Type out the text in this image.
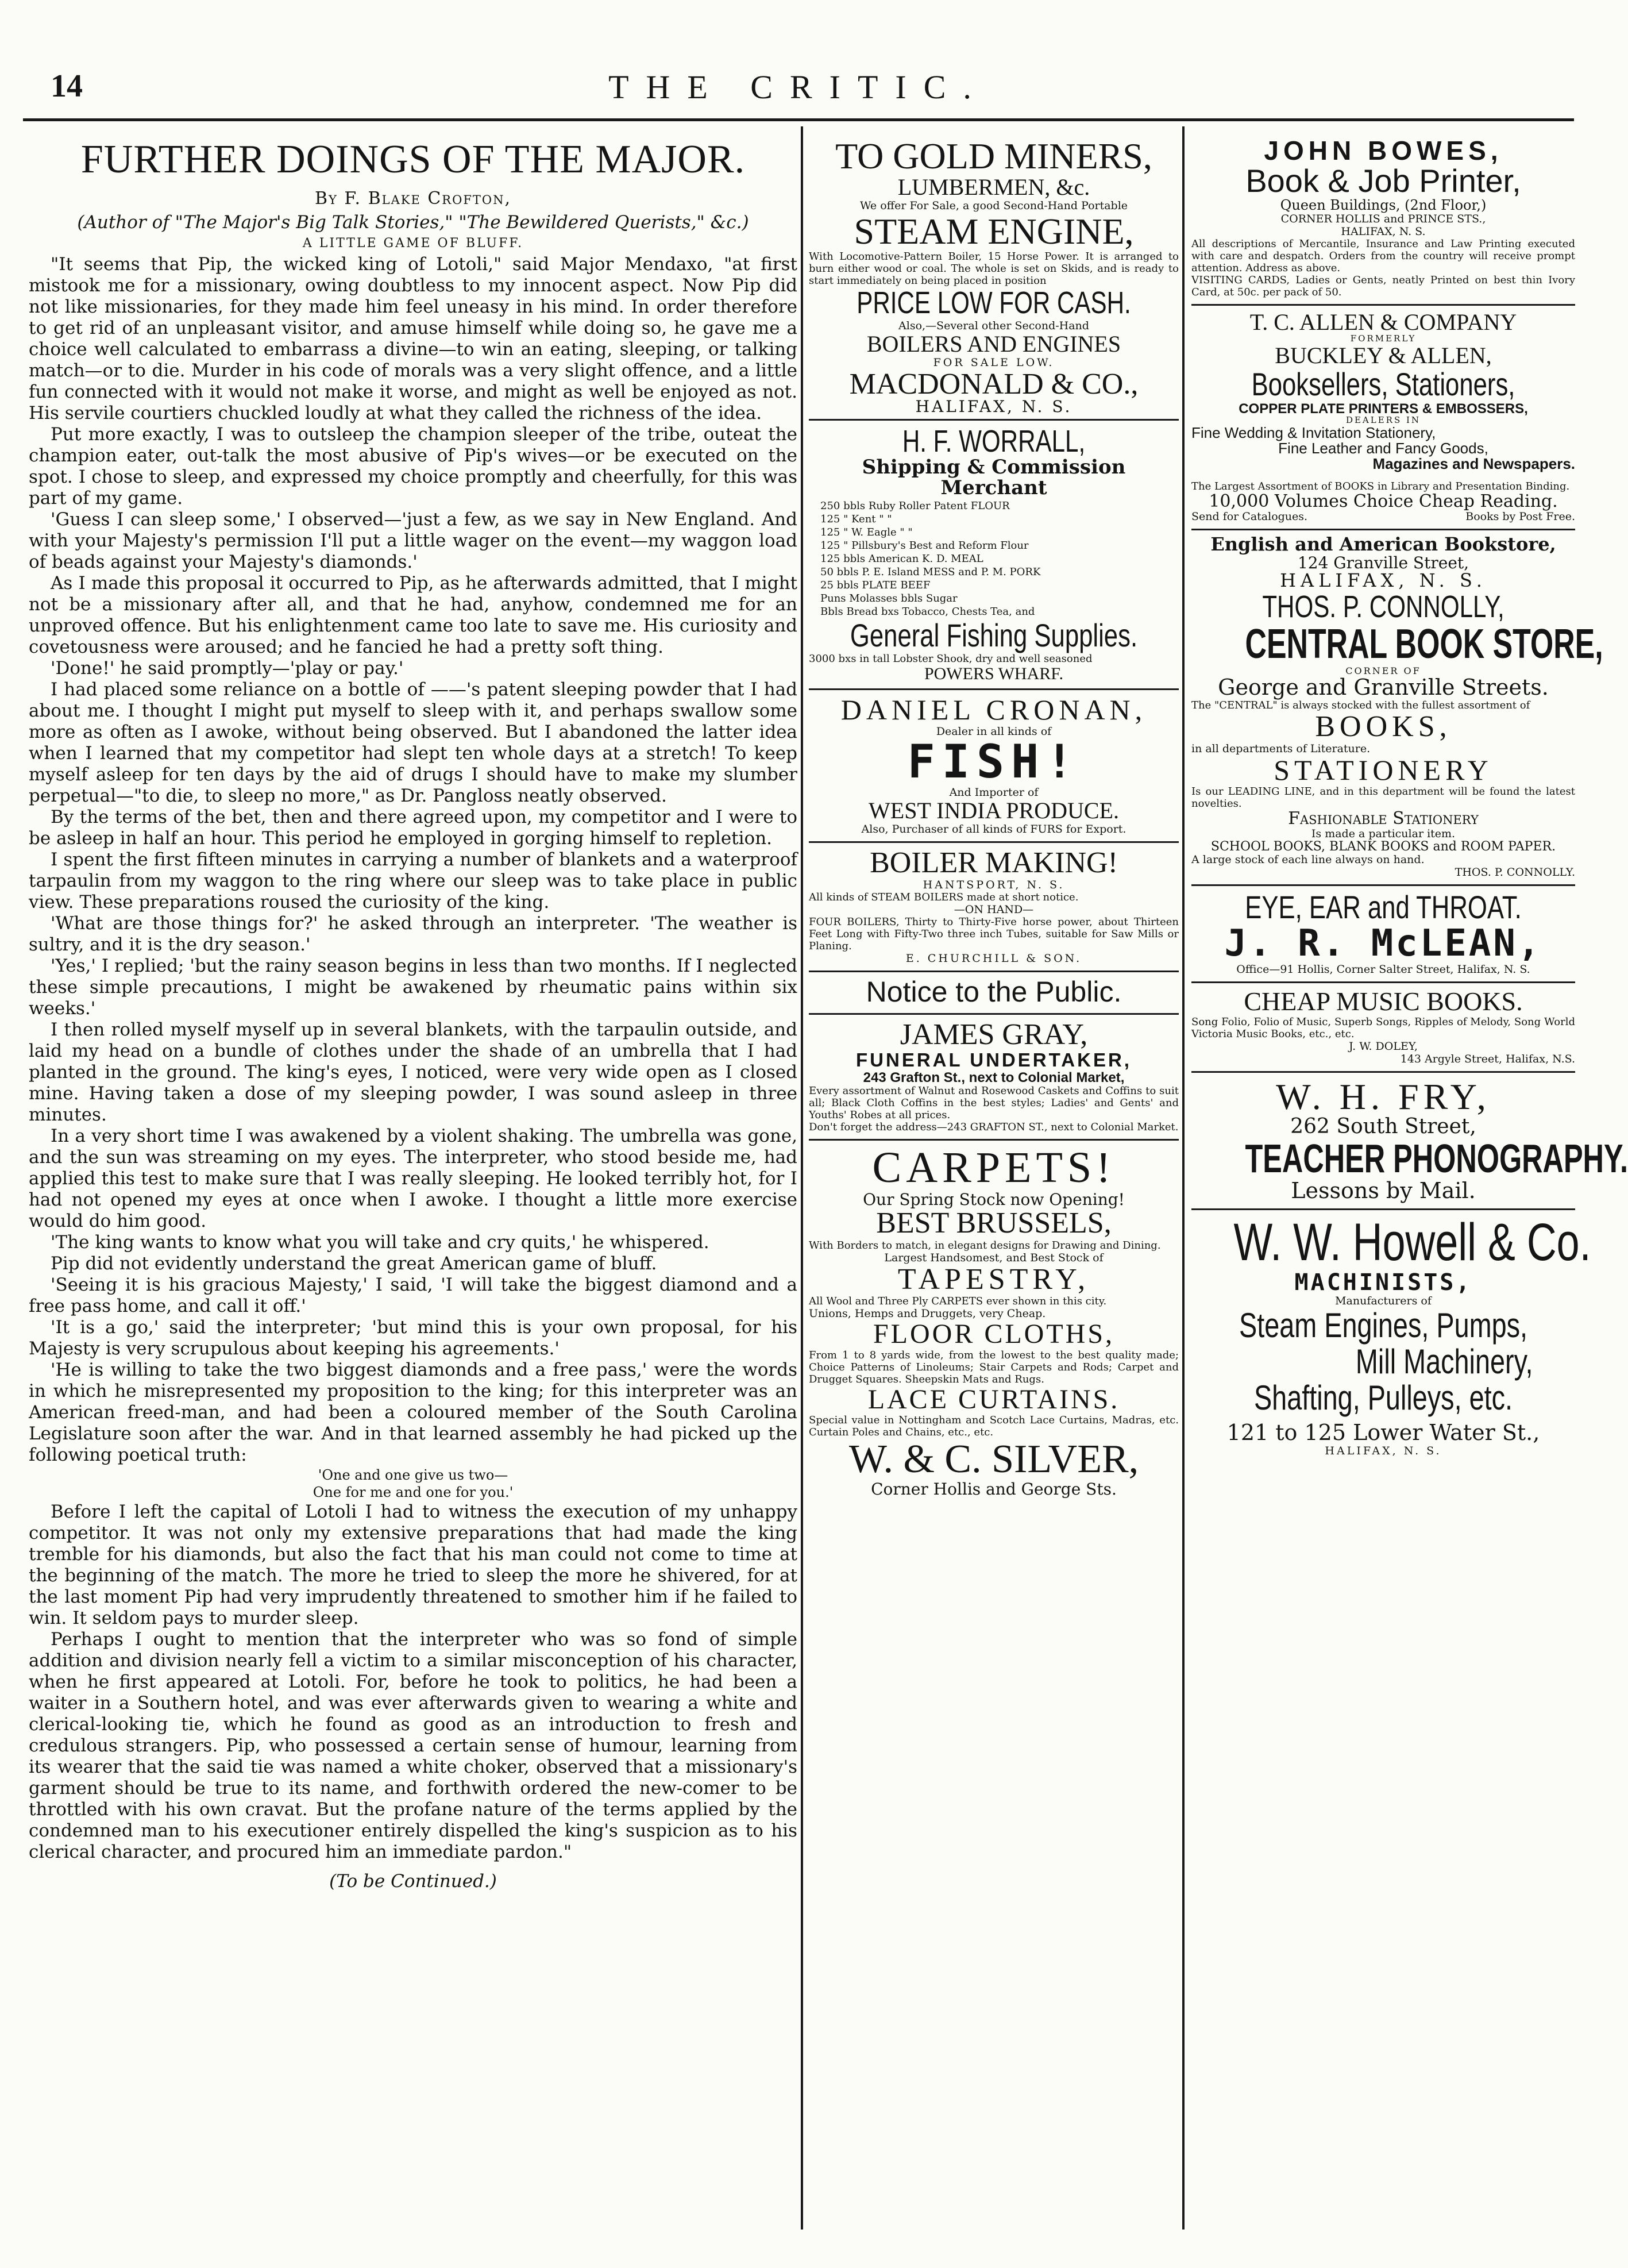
14	THE CRITIC.
FURTHER DOINGS OF THE MAJOR.
By F. Blake Crofton,
(Author of "The Major's Big Talk Stories," "The Bewildered Querists," &c.)
A LITTLE GAME OF BLUFF.

"It seems that Pip, the wicked king of Lotoli," said Major Mendaxo, "at first mistook me for a missionary, owing doubtless to my innocent aspect. Now Pip did not like missionaries, for they made him feel uneasy in his mind. In order therefore to get rid of an unpleasant visitor, and amuse himself while doing so, he gave me a choice well calculated to embarrass a divine—to win an eating, sleeping, or talking match—or to die. Murder in his code of morals was a very slight offence, and a little fun connected with it would not make it worse, and might as well be enjoyed as not. His servile courtiers chuckled loudly at what they called the richness of the idea.

Put more exactly, I was to outsleep the champion sleeper of the tribe, outeat the champion eater, out-talk the most abusive of Pip's wives—or be executed on the spot. I chose to sleep, and expressed my choice promptly and cheerfully, for this was part of my game.

'Guess I can sleep some,' I observed—'just a few, as we say in New England. And with your Majesty's permission I'll put a little wager on the event—my waggon load of beads against your Majesty's diamonds.'

As I made this proposal it occurred to Pip, as he afterwards admitted, that I might not be a missionary after all, and that he had, anyhow, condemned me for an unproved offence. But his enlightenment came too late to save me. His curiosity and covetousness were aroused; and he fancied he had a pretty soft thing.

'Done!' he said promptly—'play or pay.'

I had placed some reliance on a bottle of ——'s patent sleeping powder that I had about me. I thought I might put myself to sleep with it, and perhaps swallow some more as often as I awoke, without being observed. But I abandoned the latter idea when I learned that my competitor had slept ten whole days at a stretch! To keep myself asleep for ten days by the aid of drugs I should have to make my slumber perpetual—"to die, to sleep no more," as Dr. Pangloss neatly observed.

By the terms of the bet, then and there agreed upon, my competitor and I were to be asleep in half an hour. This period he employed in gorging himself to repletion.

I spent the first fifteen minutes in carrying a number of blankets and a waterproof tarpaulin from my waggon to the ring where our sleep was to take place in public view. These preparations roused the curiosity of the king.

'What are those things for?' he asked through an interpreter. 'The weather is sultry, and it is the dry season.'

'Yes,' I replied; 'but the rainy season begins in less than two months. If I neglected these simple precautions, I might be awakened by rheumatic pains within six weeks.'

I then rolled myself myself up in several blankets, with the tarpaulin outside, and laid my head on a bundle of clothes under the shade of an umbrella that I had planted in the ground. The king's eyes, I noticed, were very wide open as I closed mine. Having taken a dose of my sleeping powder, I was sound asleep in three minutes.

In a very short time I was awakened by a violent shaking. The umbrella was gone, and the sun was streaming on my eyes. The interpreter, who stood beside me, had applied this test to make sure that I was really sleeping. He looked terribly hot, for I had not opened my eyes at once when I awoke. I thought a little more exercise would do him good.

'The king wants to know what you will take and cry quits,' he whispered.

Pip did not evidently understand the great American game of bluff.

'Seeing it is his gracious Majesty,' I said, 'I will take the biggest diamond and a free pass home, and call it off.'

'It is a go,' said the interpreter; 'but mind this is your own proposal, for his Majesty is very scrupulous about keeping his agreements.'

'He is willing to take the two biggest diamonds and a free pass,' were the words in which he misrepresented my proposition to the king; for this interpreter was an American freed-man, and had been a coloured member of the South Carolina Legislature soon after the war. And in that learned assembly he had picked up the following poetical truth:

'One and one give us two—
One for me and one for you.'

Before I left the capital of Lotoli I had to witness the execution of my unhappy competitor. It was not only my extensive preparations that had made the king tremble for his diamonds, but also the fact that his man could not come to time at the beginning of the match. The more he tried to sleep the more he shivered, for at the last moment Pip had very imprudently threatened to smother him if he failed to win. It seldom pays to murder sleep.

Perhaps I ought to mention that the interpreter who was so fond of simple addition and division nearly fell a victim to a similar misconception of his character, when he first appeared at Lotoli. For, before he took to politics, he had been a waiter in a Southern hotel, and was ever afterwards given to wearing a white and clerical-looking tie, which he found as good as an introduction to fresh and credulous strangers. Pip, who possessed a certain sense of humour, learning from its wearer that the said tie was named a white choker, observed that a missionary's garment should be true to its name, and forthwith ordered the new-comer to be throttled with his own cravat. But the profane nature of the terms applied by the condemned man to his executioner entirely dispelled the king's suspicion as to his clerical character, and procured him an immediate pardon."

(To be Continued.)

TO GOLD MINERS,

LUMBERMEN, &c.

We offer For Sale, a good Second-Hand Portable

STEAM ENGINE,

With Locomotive-Pattern Boiler, 15 Horse Power. It is arranged to burn either wood or coal. The whole is set on Skids, and is ready to start immediately on being placed in position

PRICE LOW FOR CASH.

Also,—Several other Second-Hand

BOILERS AND ENGINES

FOR SALE LOW.

MACDONALD & CO.,

HALIFAX, N. S.

H. F. WORRALL,

Shipping & Commission Merchant

250 bbls Ruby Roller Patent FLOUR

125 " Kent " "

125 " W. Eagle " "

125 " Pillsbury's Best and Reform Flour

125 bbls American K. D. MEAL

50 bbls P. E. Island MESS and P. M. PORK

25 bbls PLATE BEEF

Puns Molasses bbls Sugar

Bbls Bread bxs Tobacco, Chests Tea, and

General Fishing Supplies.

3000 bxs in tall Lobster Shook, dry and well seasoned

POWERS WHARF.

DANIEL CRONAN,

Dealer in all kinds of

FISH!

And Importer of

WEST INDIA PRODUCE.

Also, Purchaser of all kinds of FURS for Export.

BOILER MAKING!

HANTSPORT, N. S.

All kinds of STEAM BOILERS made at short notice.

—ON HAND—

FOUR BOILERS, Thirty to Thirty-Five horse power, about Thirteen Feet Long with Fifty-Two three inch Tubes, suitable for Saw Mills or Planing.

E. CHURCHILL & SON.

Notice to the Public.

JAMES GRAY,

FUNERAL UNDERTAKER,

243 Grafton St., next to Colonial Market,

Every assortment of Walnut and Rosewood Caskets and Coffins to suit all; Black Cloth Coffins in the best styles; Ladies' and Gents' and Youths' Robes at all prices.

Don't forget the address—243 GRAFTON ST., next to Colonial Market.

CARPETS!

Our Spring Stock now Opening!

BEST BRUSSELS,

With Borders to match, in elegant designs for Drawing and Dining.

Largest Handsomest, and Best Stock of

TAPESTRY,

All Wool and Three Ply CARPETS ever shown in this city.

Unions, Hemps and Druggets, very Cheap.

FLOOR CLOTHS,

From 1 to 8 yards wide, from the lowest to the best quality made; Choice Patterns of Linoleums; Stair Carpets and Rods; Carpet and Drugget Squares. Sheepskin Mats and Rugs.

LACE CURTAINS.

Special value in Nottingham and Scotch Lace Curtains, Madras, etc. Curtain Poles and Chains, etc., etc.

W. & C. SILVER,

Corner Hollis and George Sts.

JOHN BOWES,

Book & Job Printer,

Queen Buildings, (2nd Floor,)

CORNER HOLLIS and PRINCE STS.,

HALIFAX, N. S.

All descriptions of Mercantile, Insurance and Law Printing executed with care and despatch. Orders from the country will receive prompt attention. Address as above.

VISITING CARDS, Ladies or Gents, neatly Printed on best thin Ivory Card, at 50c. per pack of 50.

T. C. ALLEN & COMPANY

FORMERLY

BUCKLEY & ALLEN,

Booksellers, Stationers,

COPPER PLATE PRINTERS & EMBOSSERS,

DEALERS IN

Fine Wedding & Invitation Stationery,

Fine Leather and Fancy Goods,

Magazines and Newspapers.

The Largest Assortment of BOOKS in Library and Presentation Binding.

10,000 Volumes Choice Cheap Reading.

Send for Catalogues.	Books by Post Free.

English and American Bookstore,

124 Granville Street,

HALIFAX, N. S.

THOS. P. CONNOLLY,

CENTRAL BOOK STORE,

CORNER OF

George and Granville Streets.

The "CENTRAL" is always stocked with the fullest assortment of

BOOKS,

in all departments of Literature.

STATIONERY

Is our LEADING LINE, and in this department will be found the latest novelties.

Fashionable Stationery

Is made a particular item.

SCHOOL BOOKS, BLANK BOOKS and ROOM PAPER.

A large stock of each line always on hand.

THOS. P. CONNOLLY.

EYE, EAR and THROAT.

J. R. McLEAN,

Office—91 Hollis, Corner Salter Street, Halifax, N. S.

CHEAP MUSIC BOOKS.

Song Folio, Folio of Music, Superb Songs, Ripples of Melody, Song World Victoria Music Books, etc., etc.

J. W. DOLEY,

143 Argyle Street, Halifax, N.S.

W. H. FRY,

262 South Street,

TEACHER PHONOGRAPHY.

Lessons by Mail.

W. W. Howell & Co.

MACHINISTS,

Manufacturers of

Steam Engines, Pumps,

Mill Machinery,

Shafting, Pulleys, etc.

121 to 125 Lower Water St.,

HALIFAX, N. S.
